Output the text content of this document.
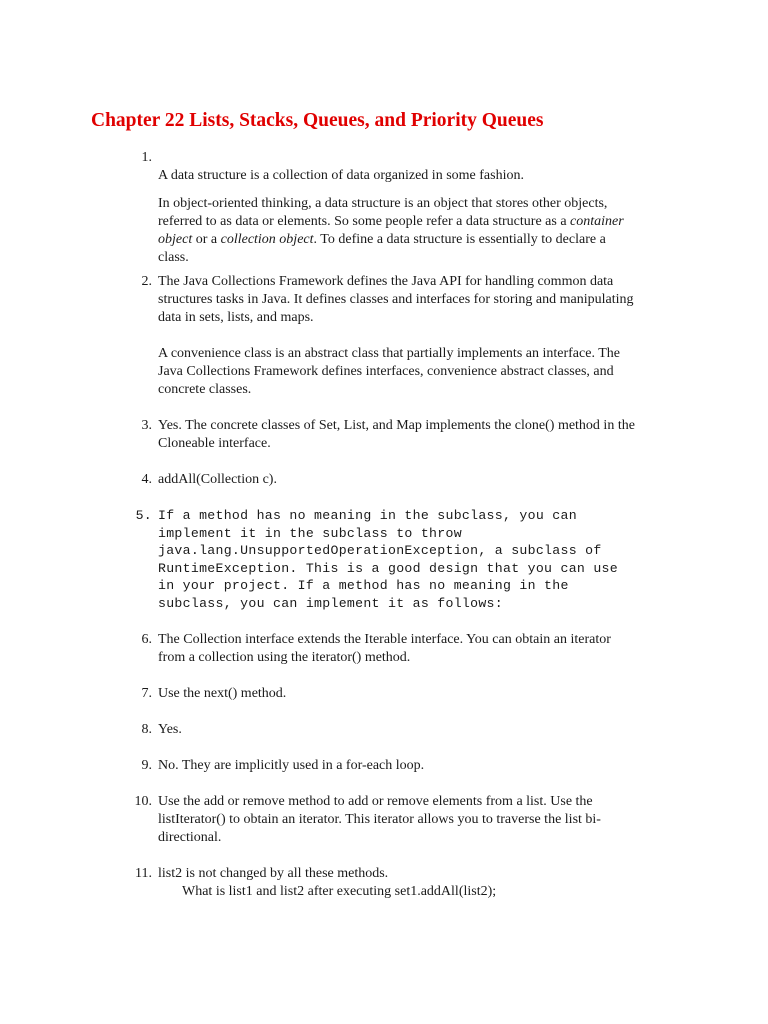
Chapter 22 Lists, Stacks, Queues, and Priority Queues
1.

A data structure is a collection of data organized in some fashion.

In object-oriented thinking, a data structure is an object that stores other objects,

referred to as data or elements. So some people refer a data structure as a container

object or a collection object. To define a data structure is essentially to declare a

class.

2. The Java Collections Framework defines the Java API for handling common data

structures tasks in Java. It defines classes and interfaces for storing and manipulating

data in sets, lists, and maps.

A convenience class is an abstract class that partially implements an interface. The

Java Collections Framework defines interfaces, convenience abstract classes, and

concrete classes.

3. Yes. The concrete classes of Set, List, and Map implements the clone() method in the

Cloneable interface.

4. addAll(Collection c).

5. If a method has no meaning in the subclass, you can

implement it in the subclass to throw

java.lang.UnsupportedOperationException, a subclass of

RuntimeException. This is a good design that you can use

in your project. If a method has no meaning in the

subclass, you can implement it as follows:

6. The Collection interface extends the Iterable interface. You can obtain an iterator

from a collection using the iterator() method.

7. Use the next() method.

8. Yes.

9. No. They are implicitly used in a for-each loop.

10. Use the add or remove method to add or remove elements from a list. Use the

listIterator() to obtain an iterator. This iterator allows you to traverse the list bi-

directional.

11. list2 is not changed by all these methods.

What is list1 and list2 after executing set1.addAll(list2);
